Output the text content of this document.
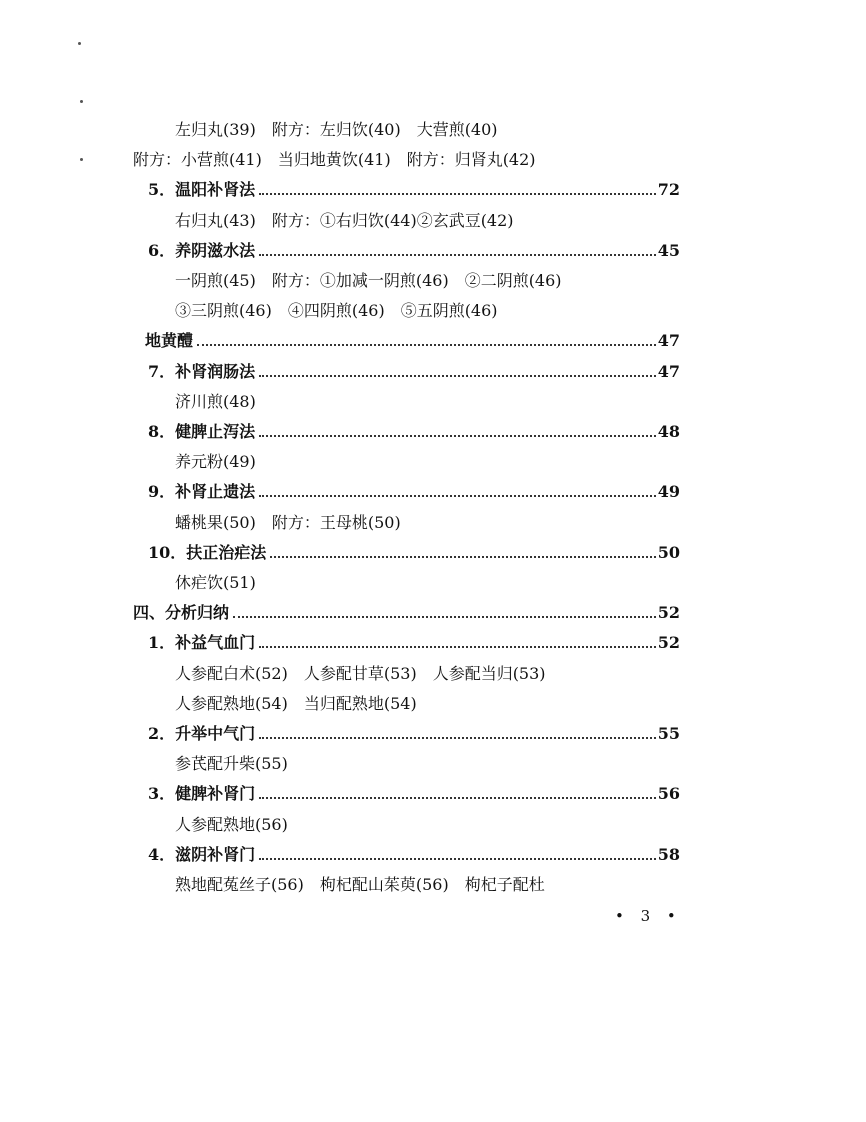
左归丸(39)　附方：左归饮(40)　大营煎(40)
附方：小营煎(41)　当归地黄饮(41)　附方：归肾丸(42)
5．温阳补肾法	72
右归丸(43)　附方：①右归饮(44)②玄武豆(42)
6．养阴滋水法	45
一阴煎(45)　附方：①加减一阴煎(46)　②二阴煎(46)
③三阴煎(46)　④四阴煎(46)　⑤五阴煎(46)
地黄醴	47
7．补肾润肠法	47
济川煎(48)
8．健脾止泻法	48
养元粉(49)
9．补肾止遗法	49
蟠桃果(50)　附方：王母桃(50)
10．扶正治疟法	50
休疟饮(51)
四、分析归纳	52
1．补益气血门	52
人参配白术(52)　人参配甘草(53)　人参配当归(53)
人参配熟地(54)　当归配熟地(54)
2．升举中气门	55
参芪配升柴(55)
3．健脾补肾门	56
人参配熟地(56)
4．滋阴补肾门	58
熟地配菟丝子(56)　枸杞配山茱萸(56)　枸杞子配杜
• 3 •
